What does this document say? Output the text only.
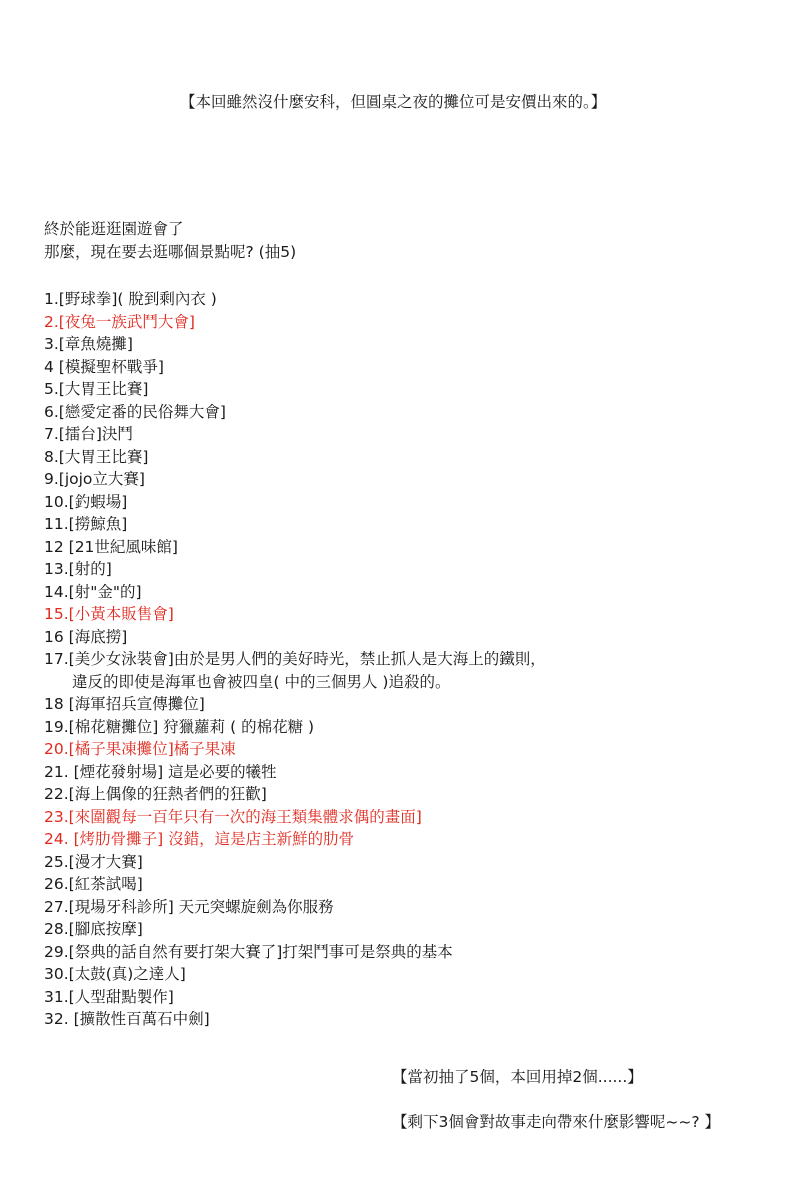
【本回雖然沒什麼安科，但圓桌之夜的攤位可是安價出來的。】
終於能逛逛園遊會了
那麼，現在要去逛哪個景點呢? (抽5)
1.[野球拳]( 脫到剩內衣 )
2.[夜兔一族武鬥大會]
3.[章魚燒攤]
4 [模擬聖杯戰爭]
5.[大胃王比賽]
6.[戀愛定番的民俗舞大會]
7.[擂台]決鬥
8.[大胃王比賽]
9.[jojo立大賽]
10.[釣蝦場]
11.[撈鯨魚]
12 [21世紀風味館]
13.[射的]
14.[射"金"的]
15.[小黃本販售會]
16 [海底撈]
17.[美少女泳裝會]由於是男人們的美好時光，禁止抓人是大海上的鐵則，
違反的即使是海軍也會被四皇( 中的三個男人 )追殺的。
18 [海軍招兵宣傳攤位]
19.[棉花糖攤位] 狩獵蘿莉 ( 的棉花糖 )
20.[橘子果凍攤位]橘子果凍
21. [煙花發射場] 這是必要的犧牲
22.[海上偶像的狂熱者們的狂歡]
23.[來圍觀每一百年只有一次的海王類集體求偶的畫面]
24. [烤肋骨攤子] 沒錯，這是店主新鮮的肋骨
25.[漫才大賽]
26.[紅茶試喝]
27.[現場牙科診所] 天元突螺旋劍為你服務
28.[腳底按摩]
29.[祭典的話自然有要打架大賽了]打架鬥事可是祭典的基本
30.[太鼓(真)之達人]
31.[人型甜點製作]
32. [擴散性百萬石中劍]
【當初抽了5個，本回用掉2個......】
【剩下3個會對故事走向帶來什麼影響呢~~? 】
